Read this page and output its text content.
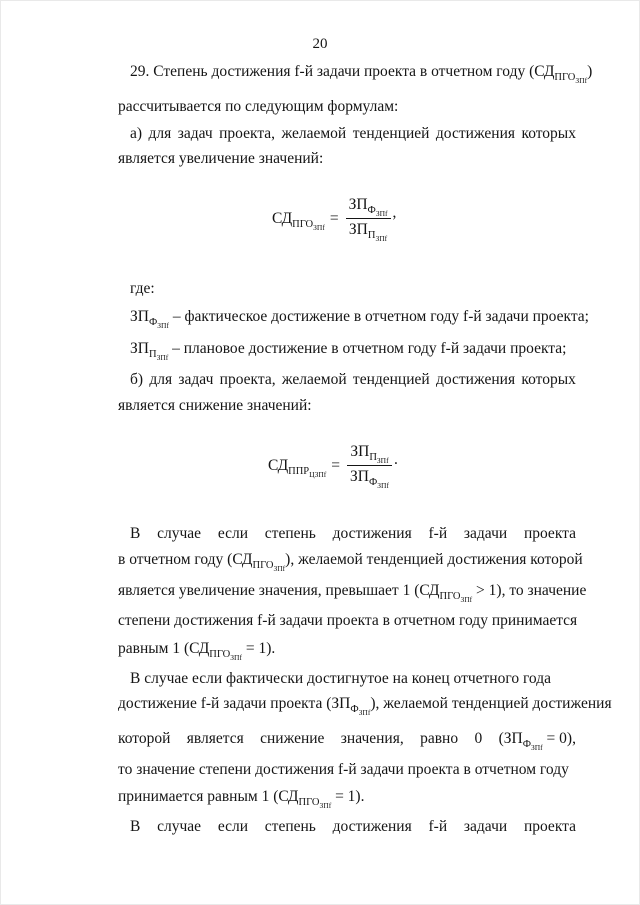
20
29. Степень достижения f-й задачи проекта в отчетном году $(СД_{ПГО_{ЗПf}})$
рассчитывается по следующим формулам:
а) для задач проекта, желаемой тенденцией достижения которых
является увеличение значений:
$СД_{ПГО_{ЗПf}}$
= $\frac{ЗП_{Ф_{ЗПf}}}{ЗП_{П_{ЗПf}}}$ ,
где:
$ЗП_{Ф_{ЗПf}}$ – фактическое достижение в отчетном году f-й задачи проекта;
$ЗП_{П_{ЗПf}}$ – плановое достижение в отчетном году f-й задачи проекта;
б) для задач проекта, желаемой тенденцией достижения которых
является снижение значений:
$СД_{ППР_{ЦЗПf}}$
= $\frac{ЗП_{П_{ЗПf}}}{ЗП_{Ф_{ЗПf}}}$ .
В случае если степень достижения f-й задачи проекта
в отчетном году $(СД_{ПГО_{ЗПf}})$, желаемой тенденцией достижения которой
является увеличение значения, превышает 1 $(СД_{ПГО_{ЗПf}} > 1)$, то значение
степени достижения f-й задачи проекта в отчетном году принимается
равным 1 $(СД_{ПГО_{ЗПf}} = 1)$.
В случае если фактически достигнутое на конец отчетного года
достижение f-й задачи проекта $(ЗП_{Ф_{ЗПf}})$, желаемой тенденцией достижения
которой является снижение значения, равно 0 $(ЗП_{Ф_{ЗПf}} = 0)$,
то значение степени достижения f-й задачи проекта в отчетном году
принимается равным 1 $(СД_{ПГО_{ЗПf}} = 1)$.
В случае если степень достижения f-й задачи проекта
